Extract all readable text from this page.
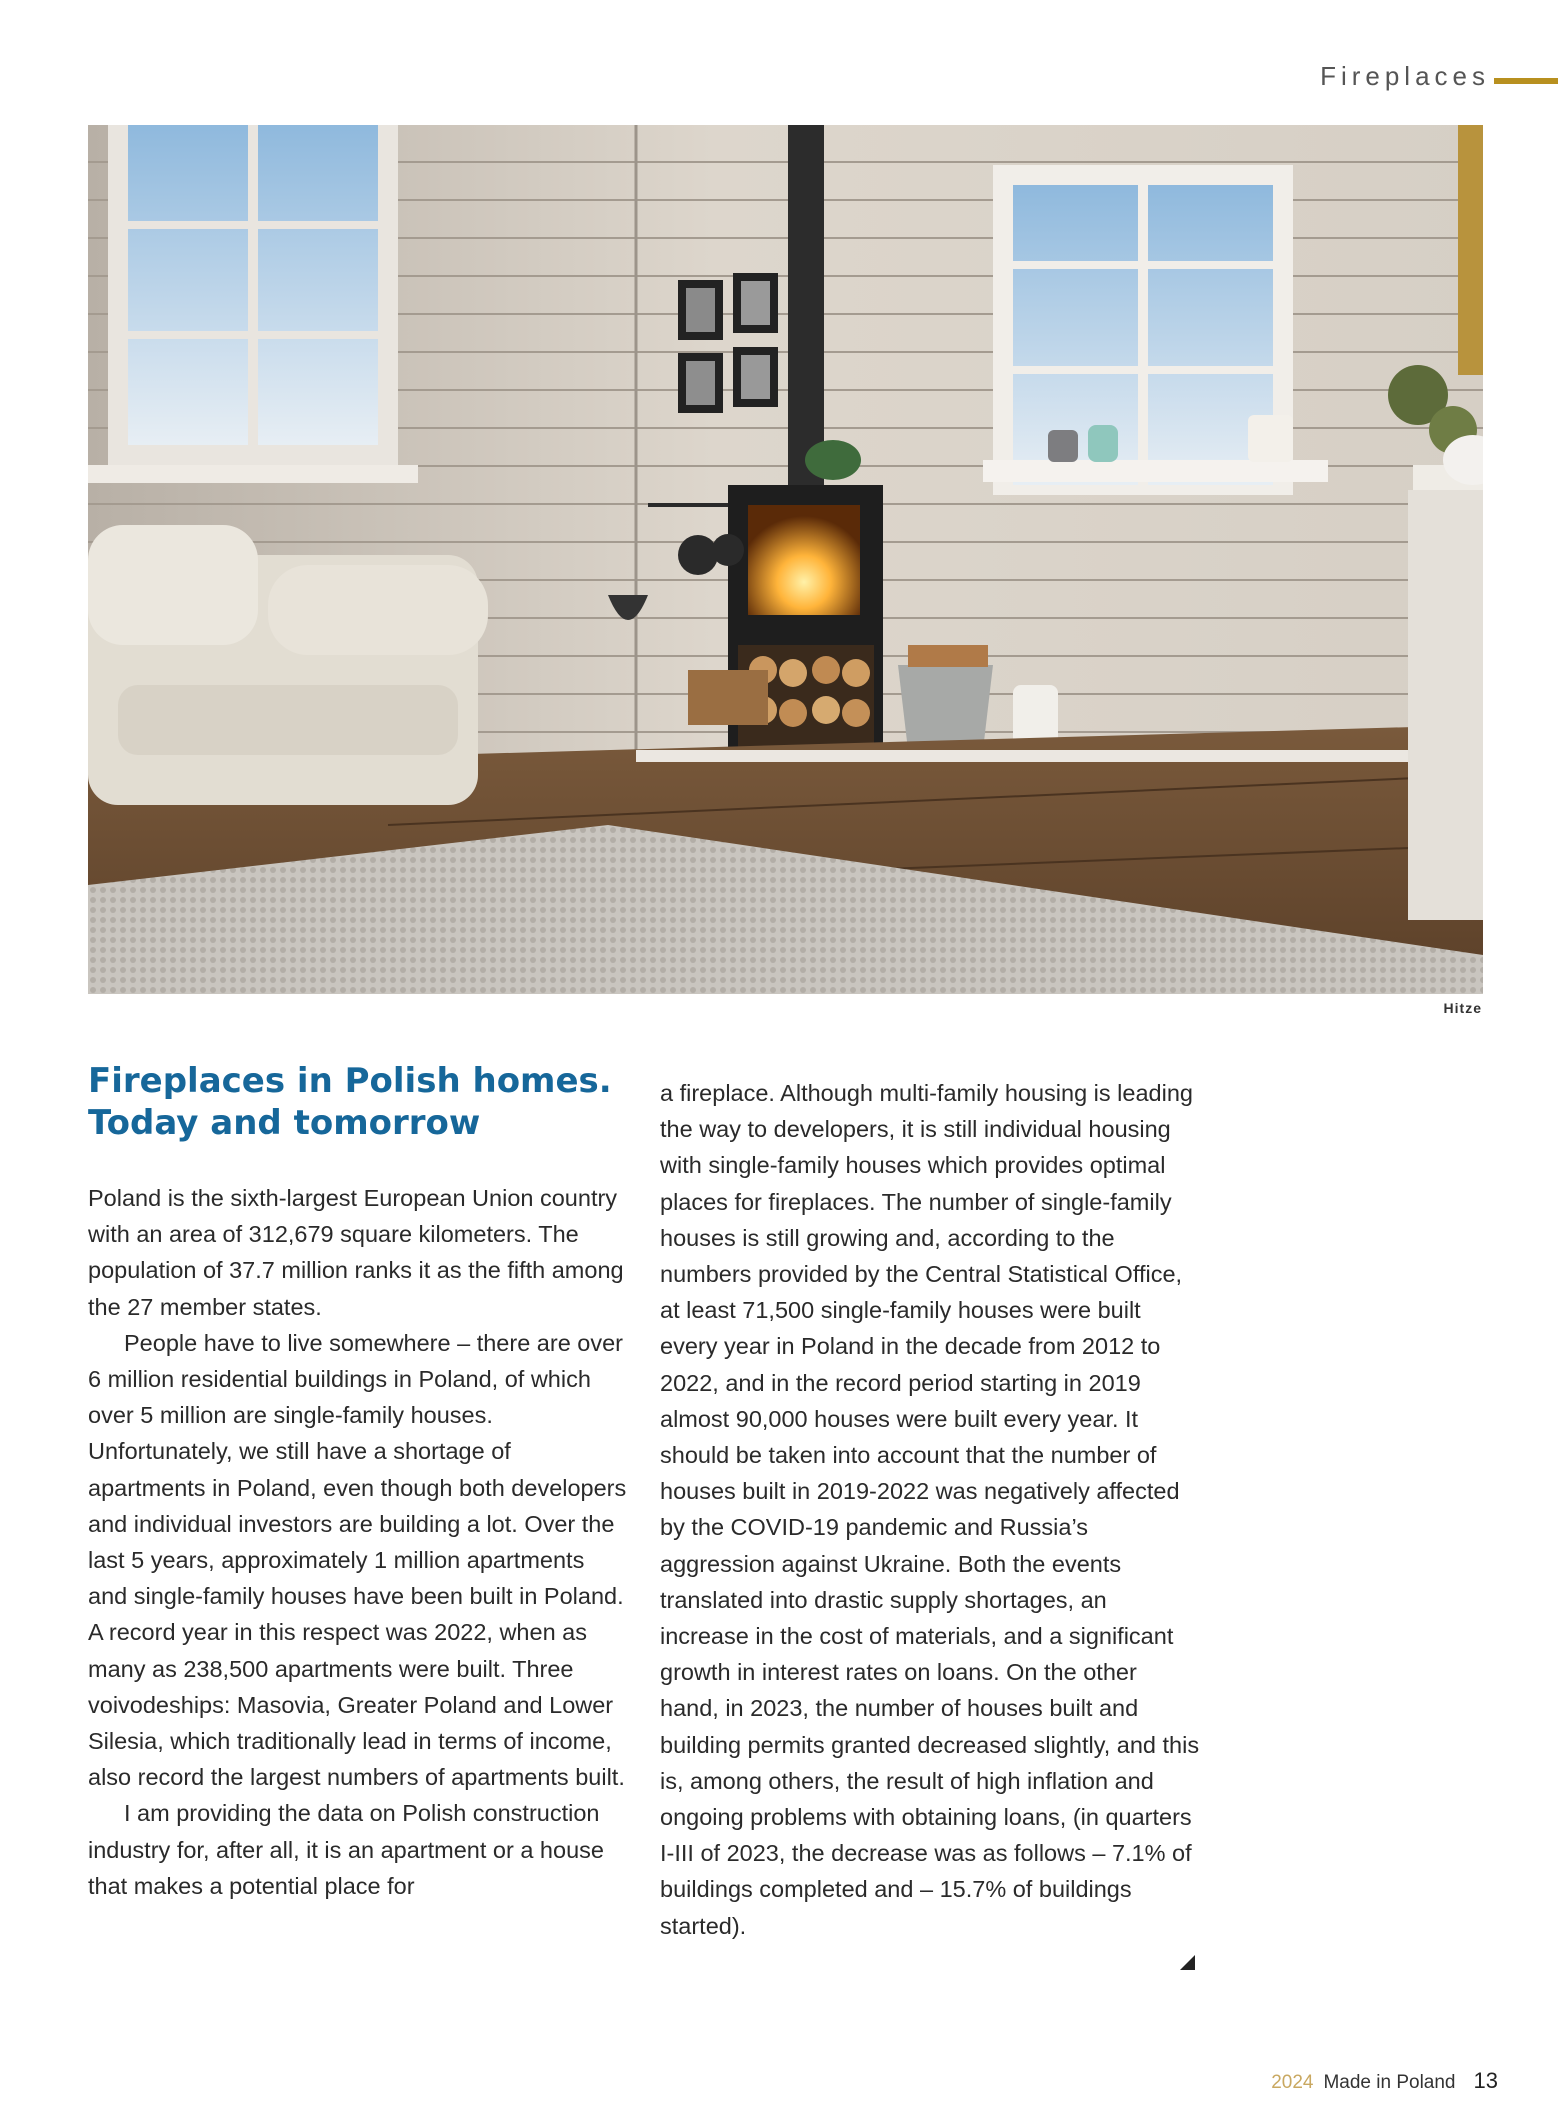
Fireplaces
Hitze
Fireplaces in Polish homes.
Today and tomorrow

Poland is the sixth-largest European Union country with an area of 312,679 square kilometers. The population of 37.7 million ranks it as the fifth among the 27 member states.

People have to live somewhere – there are over 6 million residential buildings in Poland, of which over 5 million are single-family houses. Unfortunately, we still have a shortage of apartments in Poland, even though both developers and individual investors are building a lot. Over the last 5 years, approximately 1 million apartments and single-family houses have been built in Poland. A record year in this respect was 2022, when as many as 238,500 apartments were built. Three voivodeships: Masovia, Greater Poland and Lower Silesia, which traditionally lead in terms of income, also record the largest numbers of apartments built.

I am providing the data on Polish construction industry for, after all, it is an apartment or a house that makes a potential place for

a fireplace. Although multi-family housing is leading the way to developers, it is still individual housing with single-family houses which provides optimal places for fireplaces. The number of single-family houses is still growing and, according to the numbers provided by the Central Statistical Office, at least 71,500 single-family houses were built every year in Poland in the decade from 2012 to 2022, and in the record period starting in 2019 almost 90,000 houses were built every year. It should be taken into account that the number of houses built in 2019-2022 was negatively affected by the COVID-19 pandemic and Russia’s aggression against Ukraine. Both the events translated into drastic supply shortages, an increase in the cost of materials, and a significant growth in interest rates on loans. On the other hand, in 2023, the number of houses built and building permits granted decreased slightly, and this is, among others, the result of high inflation and ongoing problems with obtaining loans, (in quarters I-III of 2023, the decrease was as follows – 7.1% of buildings completed and – 15.7% of buildings started).

2024 Made in Poland 13
